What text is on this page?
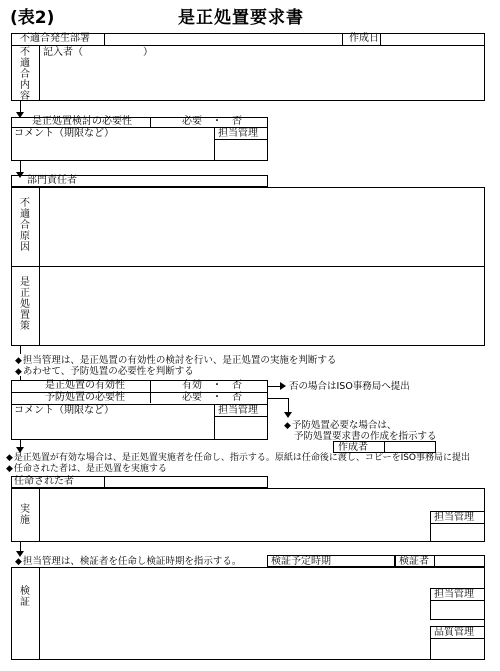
(表2)	是正処置要求書
不適合発生部署	作成日
不
適
合
内
容
記入者（　　　　　　）
是正処置検討の必要性	必要　・　否
コメント（期限など）	担当管理
部門責任者
不
適
合
原
因
是
正
処
置
策
◆ 担当管理は、是正処置の有効性の検討を行い、是正処置の実施を判断する
◆ あわせて、予防処置の必要性を判断する
是正処置の有効性	有効　・　否
予防処置の必要性	必要　・　否
コメント（期限など）	担当管理
否の場合はISO事務局へ提出
◆ 予防処置必要な場合は、
予防処置要求書の作成を指示する
作成者
◆ 是正処置が有効な場合は、是正処置実施者を任命し、指示する。原紙は任命後に渡し、コピーをISO事務局に提出
◆ 任命された者は、是正処置を実施する
任命された者
実
施	担当管理
◆ 担当管理は、検証者を任命し検証時期を指示する。	検証予定時期	検証者
検
証
担当管理
品質管理
